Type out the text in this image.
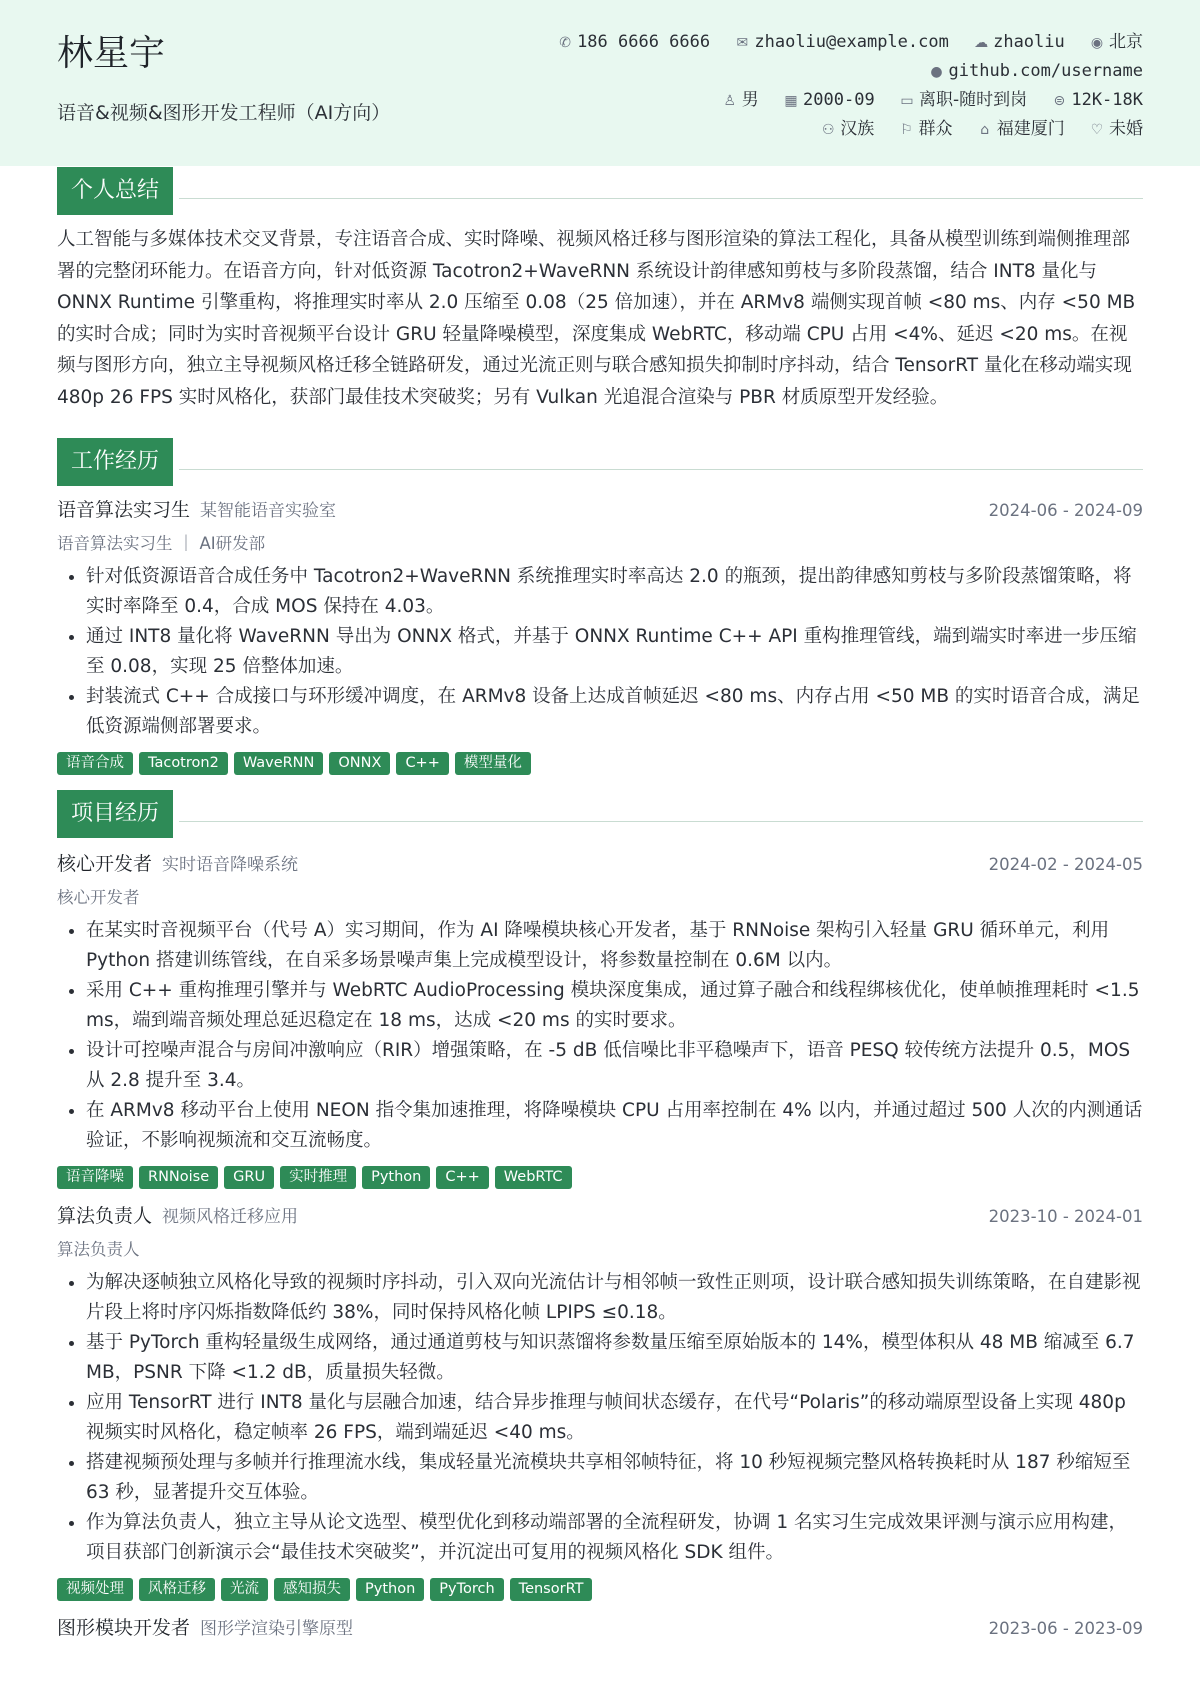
林星宇
语音&视频&图形开发工程师（AI方向）
✆ 186 6666 6666 ✉ zhaoliu@example.com ☁ zhaoliu ◉ 北京
● github.com/username
♙ 男 ▦ 2000-09 ▭ 离职-随时到岗 ⊜ 12K-18K
⚇ 汉族 ⚐ 群众 ⌂ 福建厦门 ♡ 未婚
个人总结

人工智能与多媒体技术交叉背景，专注语音合成、实时降噪、视频风格迁移与图形渲染的算法工程化，具备从模型训练到端侧推理部署的完整闭环能力。在语音方向，针对低资源 Tacotron2+WaveRNN 系统设计韵律感知剪枝与多阶段蒸馏，结合 INT8 量化与 ONNX Runtime 引擎重构，将推理实时率从 2.0 压缩至 0.08（25 倍加速），并在 ARMv8 端侧实现首帧 <80 ms、内存 <50 MB 的实时合成；同时为实时音视频平台设计 GRU 轻量降噪模型，深度集成 WebRTC，移动端 CPU 占用 <4%、延迟 <20 ms。在视频与图形方向，独立主导视频风格迁移全链路研发，通过光流正则与联合感知损失抑制时序抖动，结合 TensorRT 量化在移动端实现 480p 26 FPS 实时风格化，获部门最佳技术突破奖；另有 Vulkan 光追混合渲染与 PBR 材质原型开发经验。

工作经历
语音算法实习生 某智能语音实验室	2024-06 - 2024-09
语音算法实习生 ｜ AI研发部
• 针对低资源语音合成任务中 Tacotron2+WaveRNN 系统推理实时率高达 2.0 的瓶颈，提出韵律感知剪枝与多阶段蒸馏策略，将实时率降至 0.4，合成 MOS 保持在 4.03。
• 通过 INT8 量化将 WaveRNN 导出为 ONNX 格式，并基于 ONNX Runtime C++ API 重构推理管线，端到端实时率进一步压缩至 0.08，实现 25 倍整体加速。
• 封装流式 C++ 合成接口与环形缓冲调度，在 ARMv8 设备上达成首帧延迟 <80 ms、内存占用 <50 MB 的实时语音合成，满足低资源端侧部署要求。
语音合成	Tacotron2	WaveRNN	ONNX	C++	模型量化
项目经历
核心开发者 实时语音降噪系统	2024-02 - 2024-05
核心开发者
• 在某实时音视频平台（代号 A）实习期间，作为 AI 降噪模块核心开发者，基于 RNNoise 架构引入轻量 GRU 循环单元，利用 Python 搭建训练管线，在自采多场景噪声集上完成模型设计，将参数量控制在 0.6M 以内。
• 采用 C++ 重构推理引擎并与 WebRTC AudioProcessing 模块深度集成，通过算子融合和线程绑核优化，使单帧推理耗时 <1.5 ms，端到端音频处理总延迟稳定在 18 ms，达成 <20 ms 的实时要求。
• 设计可控噪声混合与房间冲激响应（RIR）增强策略，在 -5 dB 低信噪比非平稳噪声下，语音 PESQ 较传统方法提升 0.5，MOS 从 2.8 提升至 3.4。
• 在 ARMv8 移动平台上使用 NEON 指令集加速推理，将降噪模块 CPU 占用率控制在 4% 以内，并通过超过 500 人次的内测通话验证，不影响视频流和交互流畅度。
语音降噪	RNNoise	GRU	实时推理	Python	C++	WebRTC
算法负责人 视频风格迁移应用	2023-10 - 2024-01
算法负责人
• 为解决逐帧独立风格化导致的视频时序抖动，引入双向光流估计与相邻帧一致性正则项，设计联合感知损失训练策略，在自建影视片段上将时序闪烁指数降低约 38%，同时保持风格化帧 LPIPS ≤0.18。
• 基于 PyTorch 重构轻量级生成网络，通过通道剪枝与知识蒸馏将参数量压缩至原始版本的 14%，模型体积从 48 MB 缩减至 6.7 MB，PSNR 下降 <1.2 dB，质量损失轻微。
• 应用 TensorRT 进行 INT8 量化与层融合加速，结合异步推理与帧间状态缓存，在代号“Polaris”的移动端原型设备上实现 480p 视频实时风格化，稳定帧率 26 FPS，端到端延迟 <40 ms。
• 搭建视频预处理与多帧并行推理流水线，集成轻量光流模块共享相邻帧特征，将 10 秒短视频完整风格转换耗时从 187 秒缩短至 63 秒，显著提升交互体验。
• 作为算法负责人，独立主导从论文选型、模型优化到移动端部署的全流程研发，协调 1 名实习生完成效果评测与演示应用构建，项目获部门创新演示会“最佳技术突破奖”，并沉淀出可复用的视频风格化 SDK 组件。
视频处理	风格迁移	光流	感知损失	Python	PyTorch	TensorRT
图形模块开发者 图形学渲染引擎原型	2023-06 - 2023-09
